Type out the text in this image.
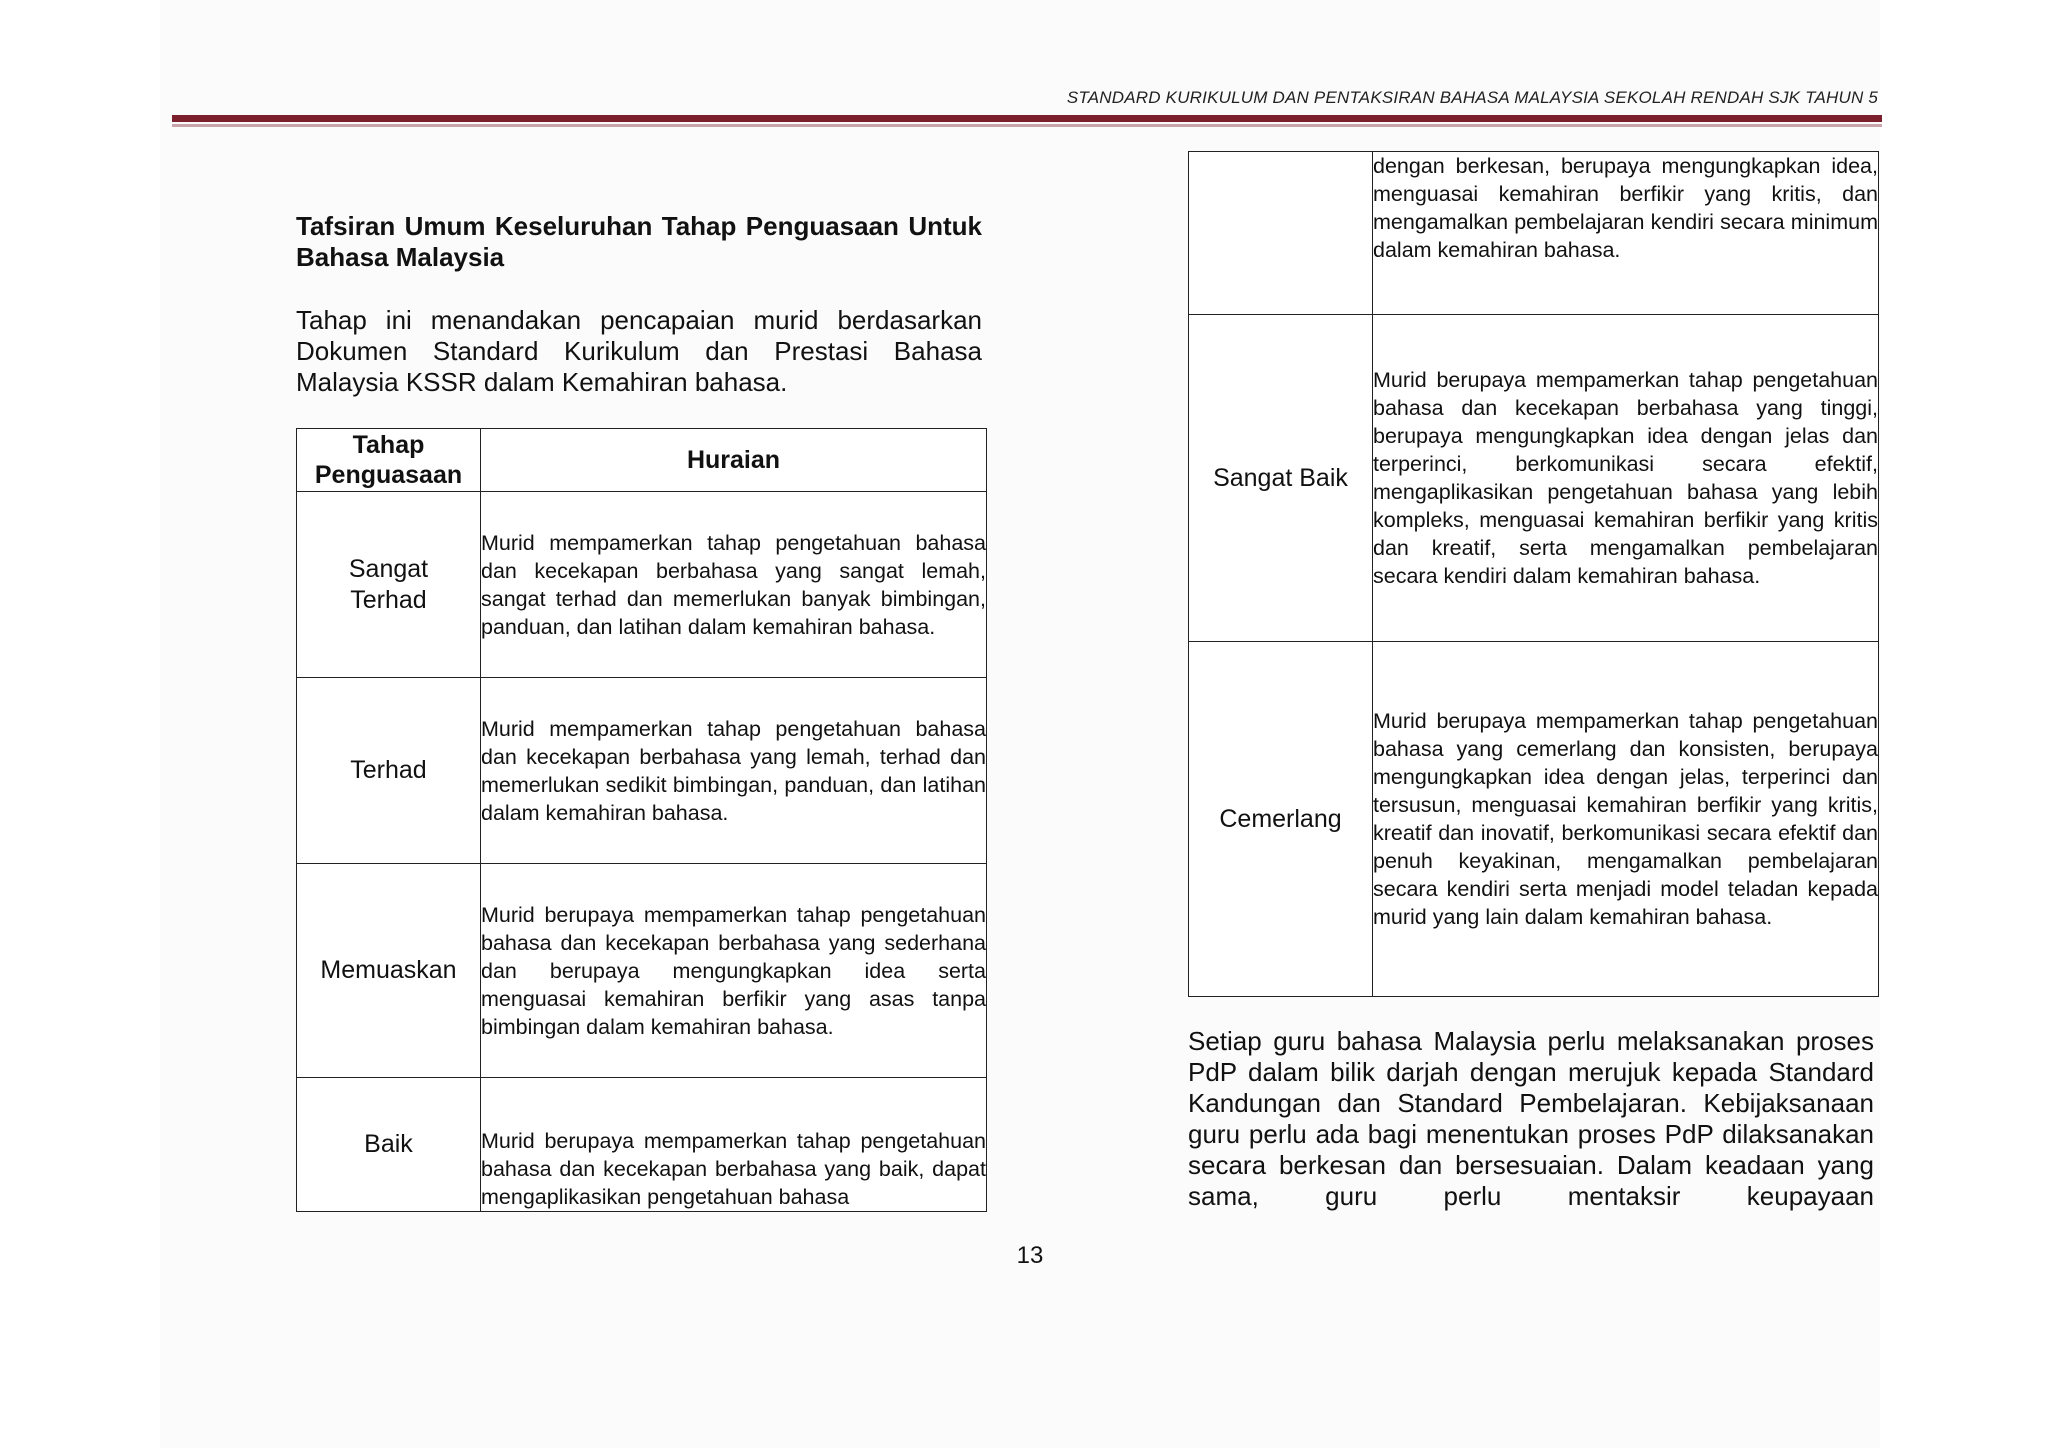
STANDARD KURIKULUM DAN PENTAKSIRAN BAHASA MALAYSIA SEKOLAH RENDAH SJK TAHUN 5
Tafsiran Umum Keseluruhan Tahap Penguasaan Untuk Bahasa Malaysia
Tahap ini menandakan pencapaian murid berdasarkan Dokumen Standard Kurikulum dan Prestasi Bahasa Malaysia KSSR dalam Kemahiran bahasa.
Tahap Penguasaan	Huraian
Sangat Terhad	Murid mempamerkan tahap pengetahuan bahasa dan kecekapan berbahasa yang sangat lemah, sangat terhad dan memerlukan banyak bimbingan, panduan, dan latihan dalam kemahiran bahasa.
Terhad	Murid mempamerkan tahap pengetahuan bahasa dan kecekapan berbahasa yang lemah, terhad dan memerlukan sedikit bimbingan, panduan, dan latihan dalam kemahiran bahasa.
Memuaskan	Murid berupaya mempamerkan tahap pengetahuan bahasa dan kecekapan berbahasa yang sederhana dan berupaya mengungkapkan idea serta menguasai kemahiran berfikir yang asas tanpa bimbingan dalam kemahiran bahasa.
Baik	Murid berupaya mempamerkan tahap pengetahuan bahasa dan kecekapan berbahasa yang baik, dapat mengaplikasikan pengetahuan bahasa
	dengan berkesan, berupaya mengungkapkan idea, menguasai kemahiran berfikir yang kritis, dan mengamalkan pembelajaran kendiri secara minimum dalam kemahiran bahasa.
Sangat Baik	Murid berupaya mempamerkan tahap pengetahuan bahasa dan kecekapan berbahasa yang tinggi, berupaya mengungkapkan idea dengan jelas dan terperinci, berkomunikasi secara efektif, mengaplikasikan pengetahuan bahasa yang lebih kompleks, menguasai kemahiran berfikir yang kritis dan kreatif, serta mengamalkan pembelajaran secara kendiri dalam kemahiran bahasa.
Cemerlang	Murid berupaya mempamerkan tahap pengetahuan bahasa yang cemerlang dan konsisten, berupaya mengungkapkan idea dengan jelas, terperinci dan tersusun, menguasai kemahiran berfikir yang kritis, kreatif dan inovatif, berkomunikasi secara efektif dan penuh keyakinan, mengamalkan pembelajaran secara kendiri serta menjadi model teladan kepada murid yang lain dalam kemahiran bahasa.
Setiap guru bahasa Malaysia perlu melaksanakan proses PdP dalam bilik darjah dengan merujuk kepada Standard Kandungan dan Standard Pembelajaran. Kebijaksanaan guru perlu ada bagi menentukan proses PdP dilaksanakan secara berkesan dan bersesuaian. Dalam keadaan yang sama, guru perlu mentaksir keupayaan
13
